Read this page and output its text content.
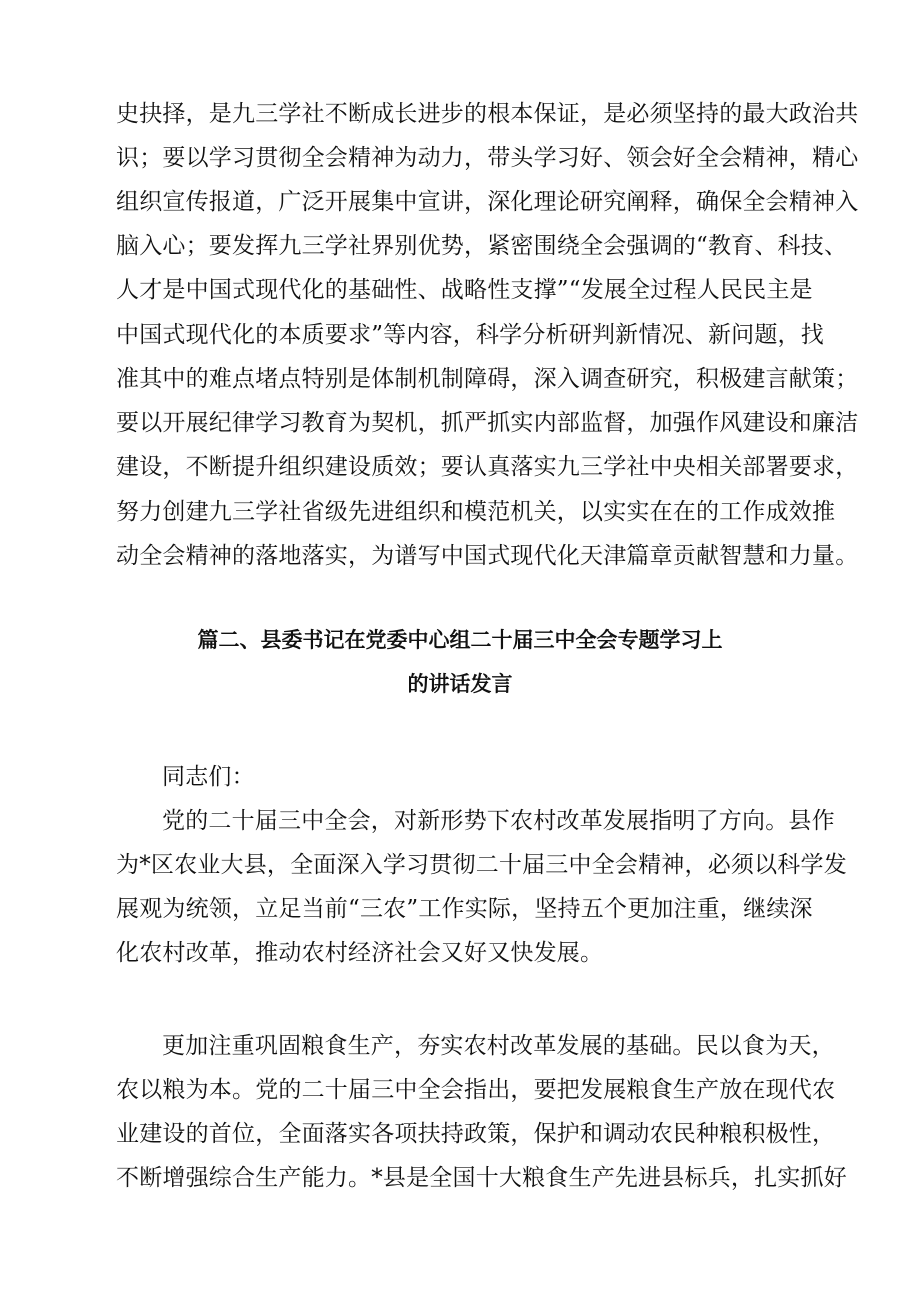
史抉择，是九三学社不断成长进步的根本保证，是必须坚持的最大政治共
识；要以学习贯彻全会精神为动力，带头学习好、领会好全会精神，精心
组织宣传报道，广泛开展集中宣讲，深化理论研究阐释，确保全会精神入
脑入心；要发挥九三学社界别优势，紧密围绕全会强调的“教育、科技、
人才是中国式现代化的基础性、战略性支撑”“发展全过程人民民主是
中国式现代化的本质要求”等内容，科学分析研判新情况、新问题，找
准其中的难点堵点特别是体制机制障碍，深入调查研究，积极建言献策；
要以开展纪律学习教育为契机，抓严抓实内部监督，加强作风建设和廉洁
建设，不断提升组织建设质效；要认真落实九三学社中央相关部署要求，
努力创建九三学社省级先进组织和模范机关，以实实在在的工作成效推
动全会精神的落地落实，为谱写中国式现代化天津篇章贡献智慧和力量。
篇二、县委书记在党委中心组二十届三中全会专题学习上
的讲话发言
同志们：
党的二十届三中全会，对新形势下农村改革发展指明了方向。县作
为*区农业大县，全面深入学习贯彻二十届三中全会精神，必须以科学发
展观为统领，立足当前“三农”工作实际，坚持五个更加注重，继续深
化农村改革，推动农村经济社会又好又快发展。
更加注重巩固粮食生产，夯实农村改革发展的基础。民以食为天，
农以粮为本。党的二十届三中全会指出，要把发展粮食生产放在现代农
业建设的首位，全面落实各项扶持政策，保护和调动农民种粮积极性，
不断增强综合生产能力。*县是全国十大粮食生产先进县标兵，扎实抓好
